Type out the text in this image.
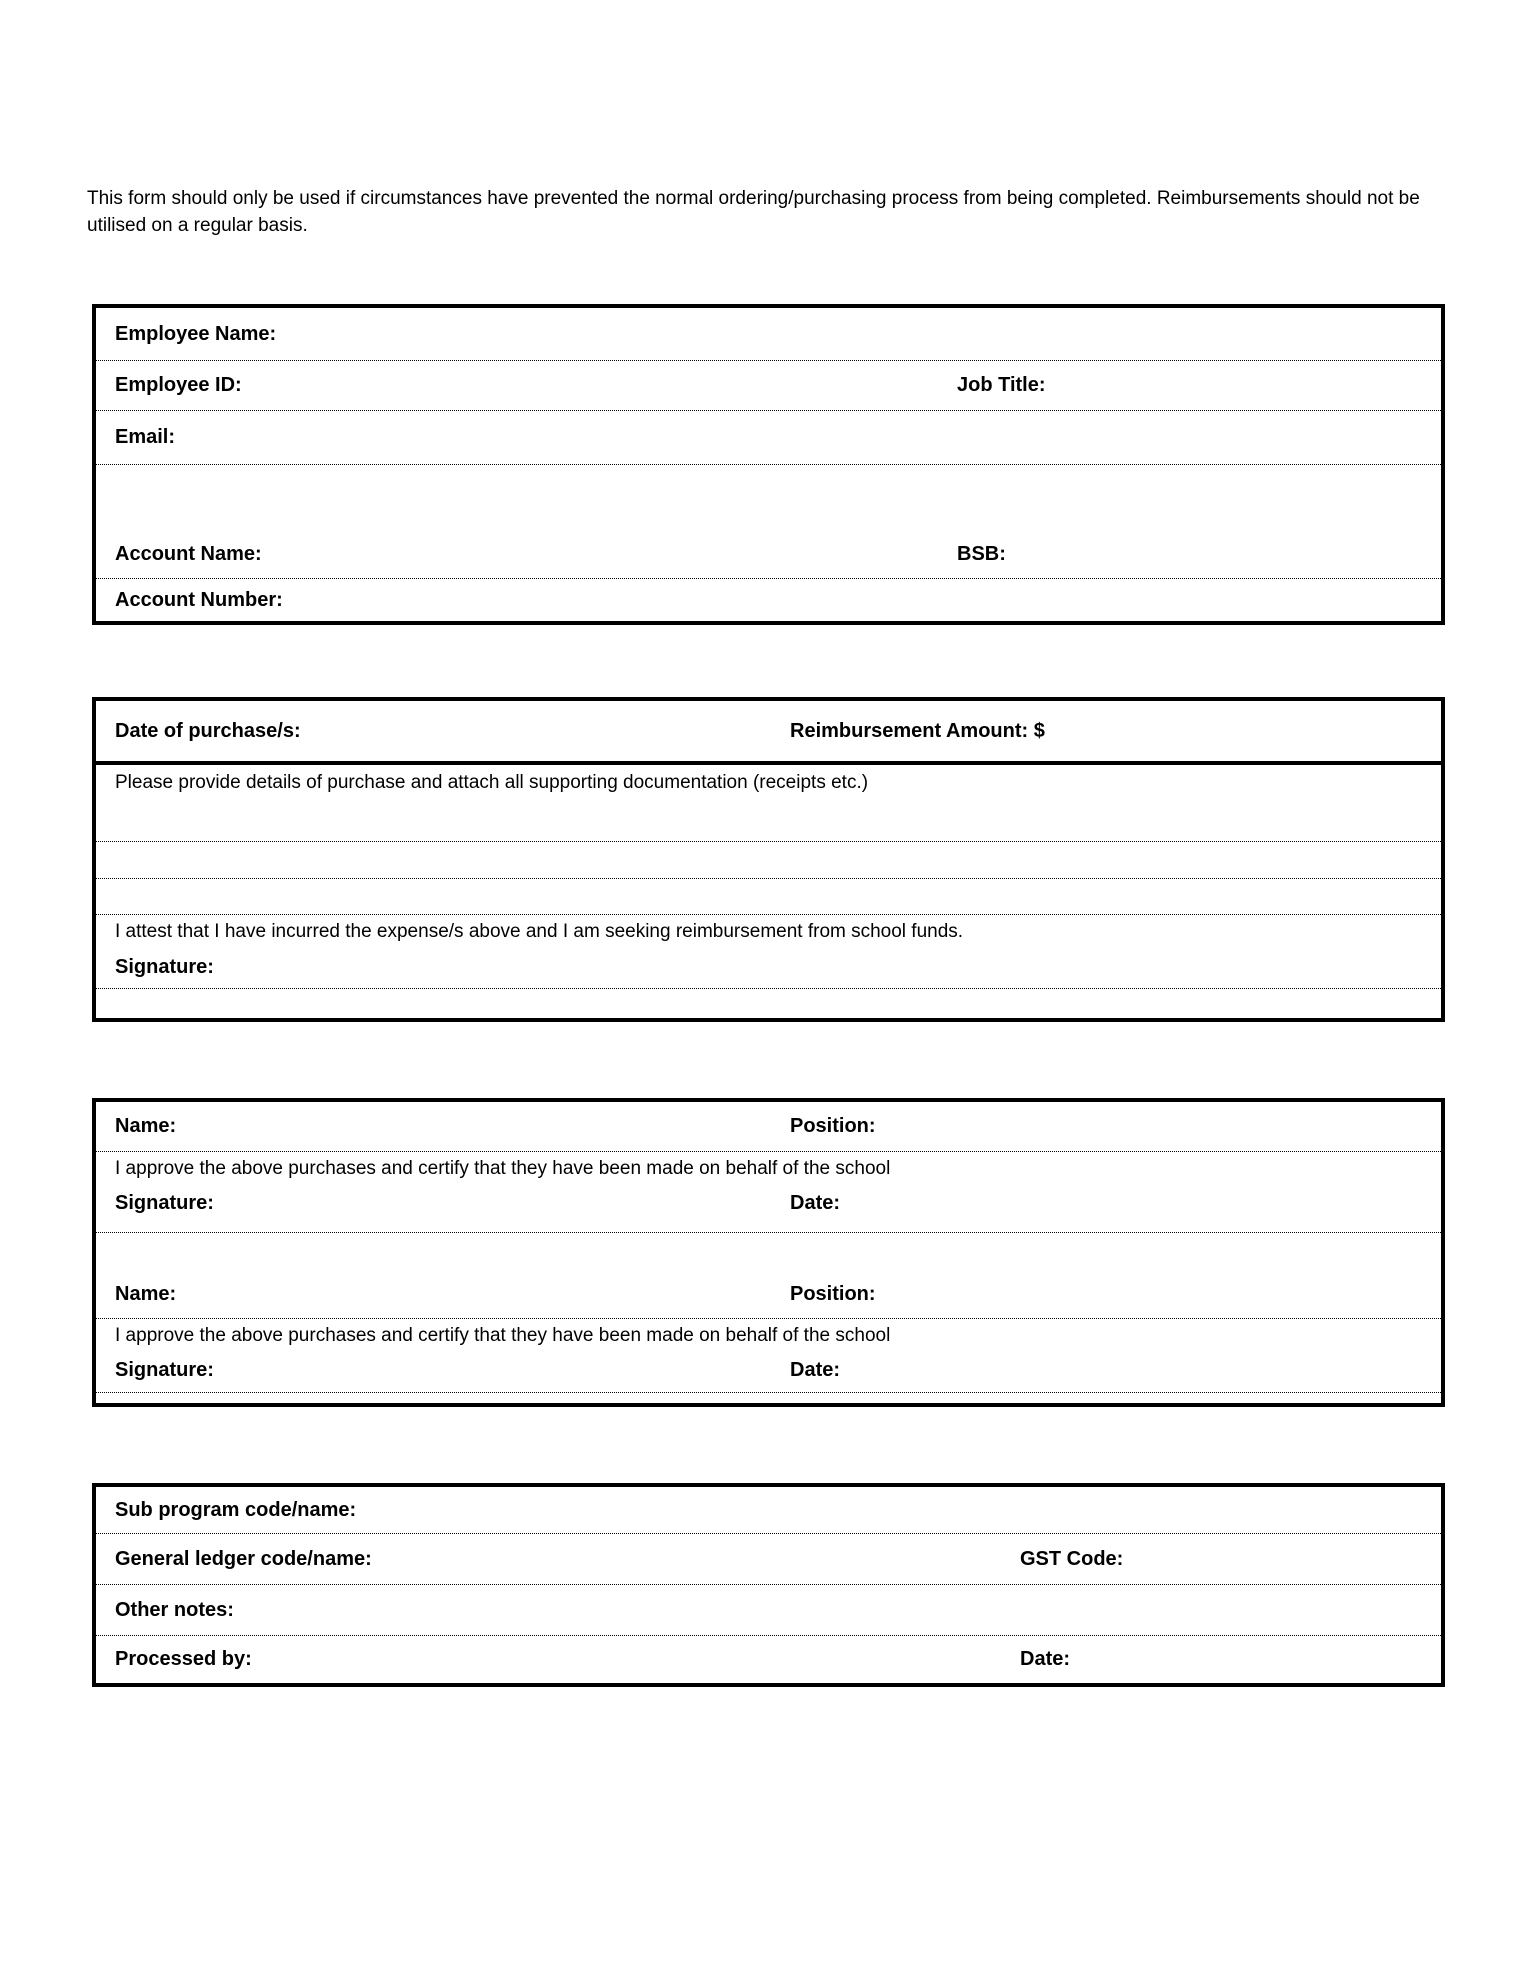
This form should only be used if circumstances have prevented the normal ordering/purchasing process from being completed. Reimbursements should not be utilised on a regular basis.

Employee Name:
Employee ID:	Job Title:
Email:
Account Name:	BSB:
Account Number:
Date of purchase/s:	Reimbursement Amount: $
Please provide details of purchase and attach all supporting documentation (receipts etc.)
I attest that I have incurred the expense/s above and I am seeking reimbursement from school funds.
Signature:
Name:	Position:
I approve the above purchases and certify that they have been made on behalf of the school
Signature:	Date:
Name:	Position:
I approve the above purchases and certify that they have been made on behalf of the school
Signature:	Date:
Sub program code/name:
General ledger code/name:	GST Code:
Other notes:
Processed by:	Date:
